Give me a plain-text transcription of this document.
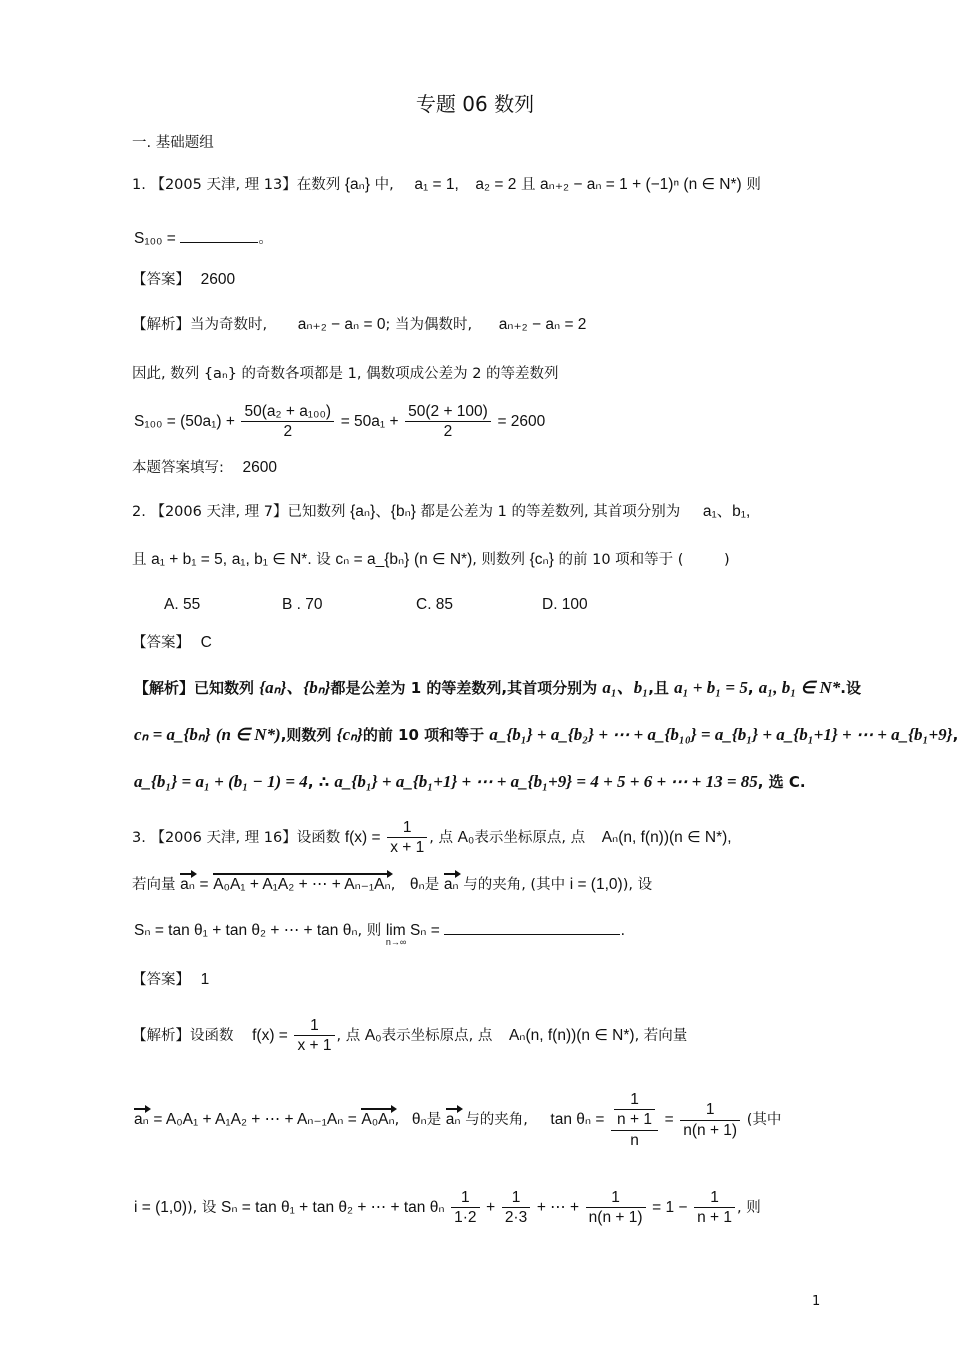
专题 06 数列
一. 基础题组
1. 【2005 天津, 理 13】在数列 {aₙ} 中, a₁ = 1, a₂ = 2 且 aₙ₊₂ − aₙ = 1 + (−1)ⁿ (n ∈ N*) 则
S₁₀₀ =	。
【答案】 2600
【解析】当为奇数时, aₙ₊₂ − aₙ = 0; 当为偶数时, aₙ₊₂ − aₙ = 2
因此, 数列 {aₙ} 的奇数各项都是 1, 偶数项成公差为 2 的等差数列
$S_{100} = (50a_1) + \frac{\text{50(a₂ + a₁₀₀)}}{2} = 50a_1 + \frac{50(2 + 100)}{2} = 2600$
本题答案填写: 2600
2. 【2006 天津, 理 7】已知数列 {aₙ}、{bₙ} 都是公差为 1 的等差数列, 其首项分别为 a₁、b₁,
且 a₁ + b₁ = 5, a₁, b₁ ∈ N*. 设 cₙ = a_{bₙ} (n ∈ N*), 则数列 {cₙ} 的前 10 项和等于 (	)
A. 55	B . 70	C. 85	D. 100
【答案】 C
【解析】已知数列 {aₙ}、{bₙ}都是公差为 1 的等差数列,其首项分别为 a₁、b₁,且 a₁ + b₁ = 5, a₁, b₁ ∈ N*.设
cₙ = a_{bₙ} (n ∈ N*),则数列 {cₙ}的前 10 项和等于 a_{b₁} + a_{b₂} + ⋯ + a_{b₁₀} = a_{b₁} + a_{b₁+1} + ⋯ + a_{b₁+9},
a_{b₁} = a₁ + (b₁ − 1) = 4, ∴ a_{b₁} + a_{b₁+1} + ⋯ + a_{b₁+9} = 4 + 5 + 6 + ⋯ + 13 = 85, 选 C.
3. 【2006 天津, 理 16】设函数 $f(x) = \frac{1}{x + 1}$ , 点 A₀表示坐标原点, 点 Aₙ(n, f(n))(n ∈ N*),
若向量 aₙ = A₀A₁ + A₁A₂ + ⋯ + Aₙ₋₁Aₙ, θₙ是 aₙ 与的夹角, (其中 i = (1,0)), 设
Sₙ = tan θ₁ + tan θ₂ + ⋯ + tan θₙ, 则 lim Sₙ =
n→∞
.
【答案】 1
【解析】设函数 $f(x) = \frac{1}{x + 1}$ , 点 A₀表示坐标原点, 点 Aₙ(n, f(n))(n ∈ N*), 若向量
aₙ = A₀A₁ + A₁A₂ + ⋯ + Aₙ₋₁Aₙ = A₀Aₙ, θₙ是 aₙ 与的夹角, $\tan \theta_n = \frac{\frac{1}{n + 1}}{n} = \frac{1}{n(n + 1)}$ (其中
i = (1,0)), 设 Sₙ = tan θ₁ + tan θ₂ + ⋯ + tan θₙ $\frac{1}{1\cdot 2} + \frac{1}{2\cdot 3}$ + ⋯ + $\frac{1}{n(n + 1)} = 1 - \frac{1}{n + 1}$ , 则
1
